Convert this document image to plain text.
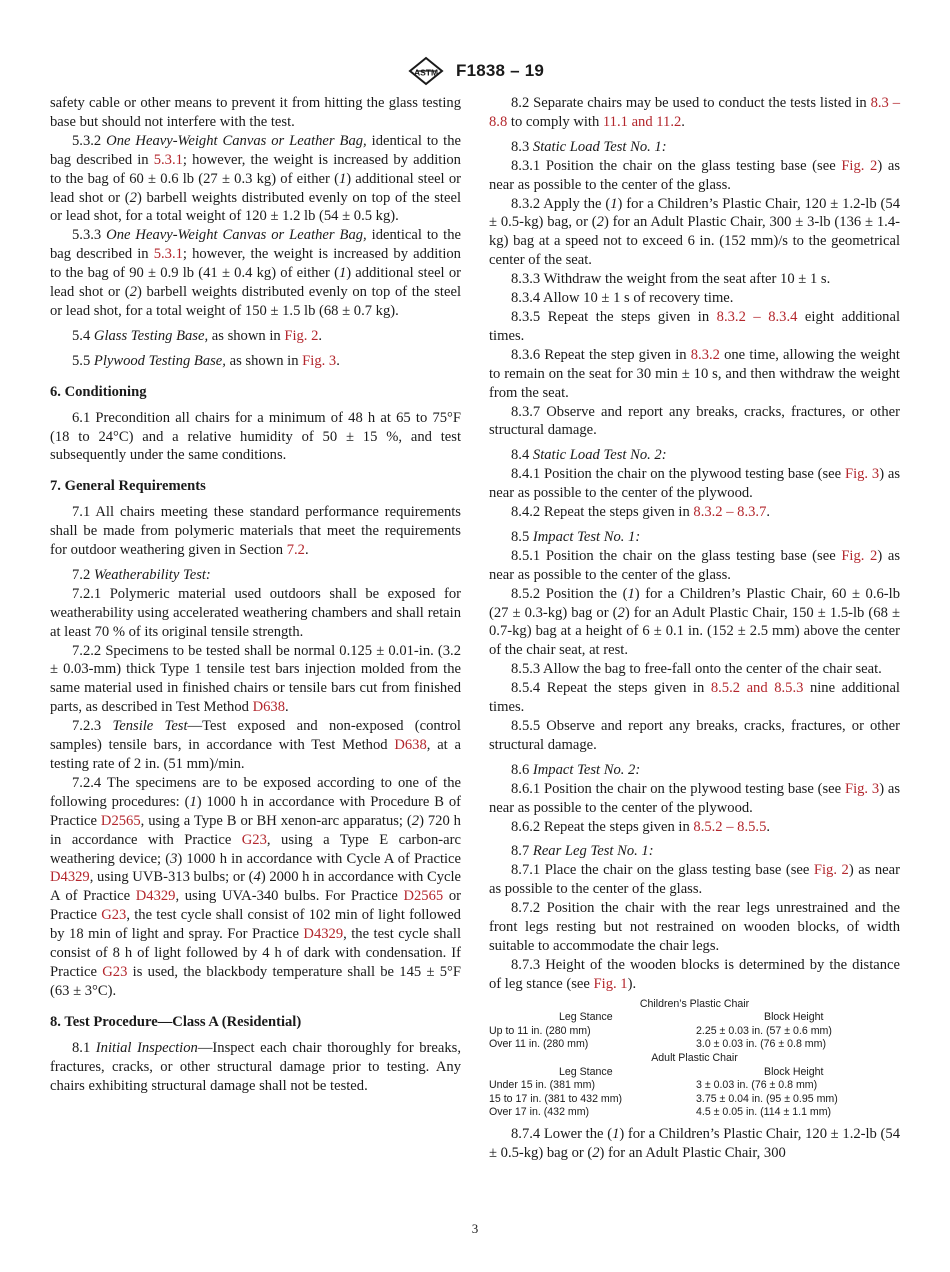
ASTM F1838 – 19
safety cable or other means to prevent it from hitting the glass testing base but should not interfere with the test.
5.3.2 One Heavy-Weight Canvas or Leather Bag, identical to the bag described in 5.3.1; however, the weight is increased by addition to the bag of 60 ± 0.6 lb (27 ± 0.3 kg) of either (1) additional steel or lead shot or (2) barbell weights distributed evenly on top of the steel or lead shot, for a total weight of 120 ± 1.2 lb (54 ± 0.5 kg).
5.3.3 One Heavy-Weight Canvas or Leather Bag, identical to the bag described in 5.3.1; however, the weight is increased by addition to the bag of 90 ± 0.9 lb (41 ± 0.4 kg) of either (1) additional steel or lead shot or (2) barbell weights distributed evenly on top of the steel or lead shot, for a total weight of 150 ± 1.5 lb (68 ± 0.7 kg).
5.4 Glass Testing Base, as shown in Fig. 2.
5.5 Plywood Testing Base, as shown in Fig. 3.
6. Conditioning
6.1 Precondition all chairs for a minimum of 48 h at 65 to 75°F (18 to 24°C) and a relative humidity of 50 ± 15 %, and test subsequently under the same conditions.
7. General Requirements
7.1 All chairs meeting these standard performance requirements shall be made from polymeric materials that meet the requirements for outdoor weathering given in Section 7.2.
7.2 Weatherability Test:
7.2.1 Polymeric material used outdoors shall be exposed for weatherability using accelerated weathering chambers and shall retain at least 70 % of its original tensile strength.
7.2.2 Specimens to be tested shall be normal 0.125 ± 0.01-in. (3.2 ± 0.03-mm) thick Type 1 tensile test bars injection molded from the same material used in finished chairs or tensile bars cut from finished parts, as described in Test Method D638.
7.2.3 Tensile Test—Test exposed and non-exposed (control samples) tensile bars, in accordance with Test Method D638, at a testing rate of 2 in. (51 mm)/min.
7.2.4 The specimens are to be exposed according to one of the following procedures: (1) 1000 h in accordance with Procedure B of Practice D2565, using a Type B or BH xenon-arc apparatus; (2) 720 h in accordance with Practice G23, using a Type E carbon-arc weathering device; (3) 1000 h in accordance with Cycle A of Practice D4329, using UVB-313 bulbs; or (4) 2000 h in accordance with Cycle A of Practice D4329, using UVA-340 bulbs. For Practice D2565 or Practice G23, the test cycle shall consist of 102 min of light followed by 18 min of light and spray. For Practice D4329, the test cycle shall consist of 8 h of light followed by 4 h of dark with condensation. If Practice G23 is used, the blackbody temperature shall be 145 ± 5°F (63 ± 3°C).
8. Test Procedure—Class A (Residential)
8.1 Initial Inspection—Inspect each chair thoroughly for breaks, fractures, cracks, or other structural damage prior to testing. Any chairs exhibiting structural damage shall not be tested.
8.2 Separate chairs may be used to conduct the tests listed in 8.3 – 8.8 to comply with 11.1 and 11.2.
8.3 Static Load Test No. 1:
8.3.1 Position the chair on the glass testing base (see Fig. 2) as near as possible to the center of the glass.
8.3.2 Apply the (1) for a Children’s Plastic Chair, 120 ± 1.2-lb (54 ± 0.5-kg) bag, or (2) for an Adult Plastic Chair, 300 ± 3-lb (136 ± 1.4-kg) bag at a speed not to exceed 6 in. (152 mm)/s to the geometrical center of the seat.
8.3.3 Withdraw the weight from the seat after 10 ± 1 s.
8.3.4 Allow 10 ± 1 s of recovery time.
8.3.5 Repeat the steps given in 8.3.2 – 8.3.4 eight additional times.
8.3.6 Repeat the step given in 8.3.2 one time, allowing the weight to remain on the seat for 30 min ± 10 s, and then withdraw the weight from the seat.
8.3.7 Observe and report any breaks, cracks, fractures, or other structural damage.
8.4 Static Load Test No. 2:
8.4.1 Position the chair on the plywood testing base (see Fig. 3) as near as possible to the center of the plywood.
8.4.2 Repeat the steps given in 8.3.2 – 8.3.7.
8.5 Impact Test No. 1:
8.5.1 Position the chair on the glass testing base (see Fig. 2) as near as possible to the center of the glass.
8.5.2 Position the (1) for a Children’s Plastic Chair, 60 ± 0.6-lb (27 ± 0.3-kg) bag or (2) for an Adult Plastic Chair, 150 ± 1.5-lb (68 ± 0.7-kg) bag at a height of 6 ± 0.1 in. (152 ± 2.5 mm) above the center of the chair seat, at rest.
8.5.3 Allow the bag to free-fall onto the center of the chair seat.
8.5.4 Repeat the steps given in 8.5.2 and 8.5.3 nine additional times.
8.5.5 Observe and report any breaks, cracks, fractures, or other structural damage.
8.6 Impact Test No. 2:
8.6.1 Position the chair on the plywood testing base (see Fig. 3) as near as possible to the center of the plywood.
8.6.2 Repeat the steps given in 8.5.2 – 8.5.5.
8.7 Rear Leg Test No. 1:
8.7.1 Place the chair on the glass testing base (see Fig. 2) as near as possible to the center of the glass.
8.7.2 Position the chair with the rear legs unrestrained and the front legs resting but not restrained on wooden blocks, of width suitable to accommodate the chair legs.
8.7.3 Height of the wooden blocks is determined by the distance of leg stance (see Fig. 1).
Children’s Plastic Chair
Leg Stance	Block Height
Up to 11 in. (280 mm)	2.25 ± 0.03 in. (57 ± 0.6 mm)
Over 11 in. (280 mm)	3.0 ± 0.03 in. (76 ± 0.8 mm)
Adult Plastic Chair
Leg Stance	Block Height
Under 15 in. (381 mm)	3 ± 0.03 in. (76 ± 0.8 mm)
15 to 17 in. (381 to 432 mm)	3.75 ± 0.04 in. (95 ± 0.95 mm)
Over 17 in. (432 mm)	4.5 ± 0.05 in. (114 ± 1.1 mm)
8.7.4 Lower the (1) for a Children’s Plastic Chair, 120 ± 1.2-lb (54 ± 0.5-kg) bag or (2) for an Adult Plastic Chair, 300
3
